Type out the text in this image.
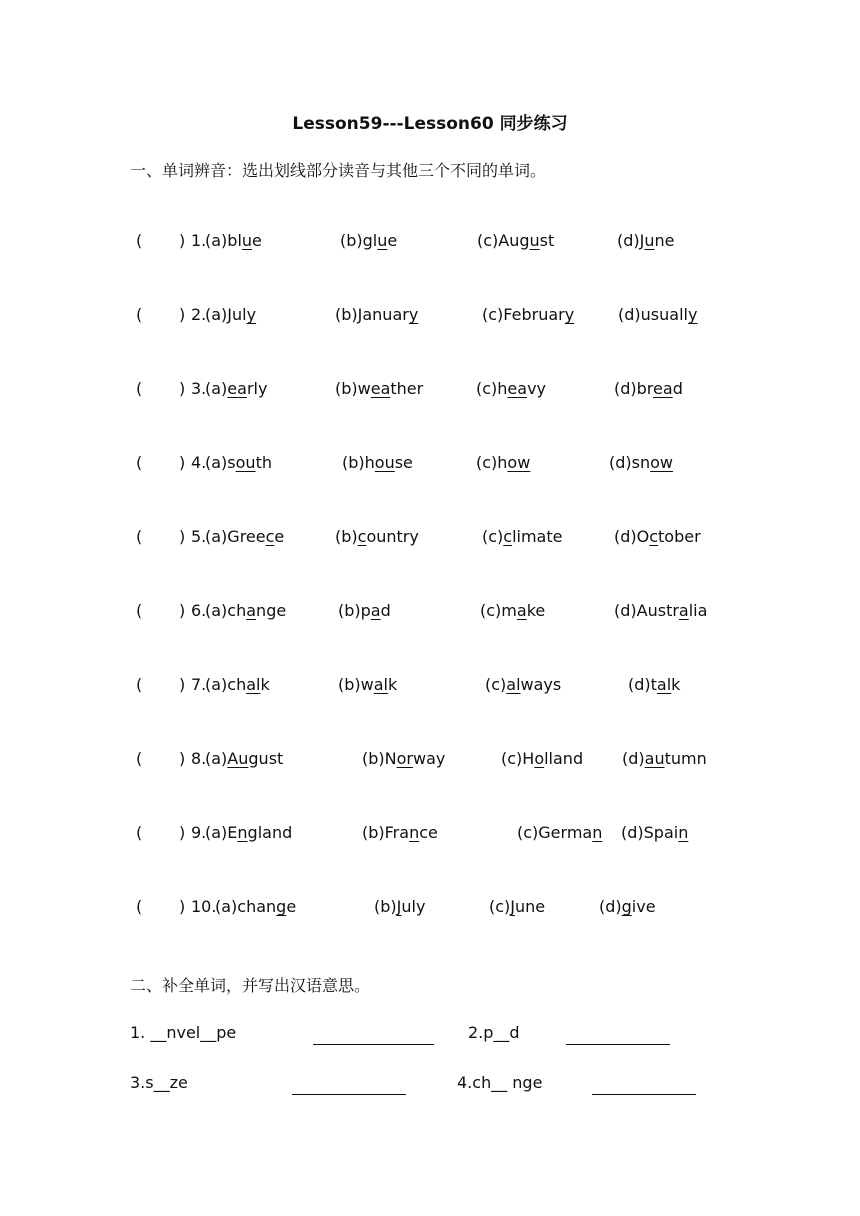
Lesson59---Lesson60 同步练习
一、单词辨音：选出划线部分读音与其他三个不同的单词。
( ) 1.
(a)blue	(b)glue	(c)August	(d)June
( ) 2.
(a)July	(b)January	(c)February	(d)usually
( ) 3.
(a)early	(b)weather	(c)heavy	(d)bread
( ) 4.
(a)south	(b)house	(c)how	(d)snow
( ) 5.
(a)Greece	(b)country	(c)climate	(d)October
( ) 6.
(a)change	(b)pad	(c)make	(d)Australia
( ) 7.
(a)chalk	(b)walk	(c)always	(d)talk
( ) 8.
(a)August	(b)Norway	(c)Holland (d)autumn
( ) 9.
(a)England	(b)France	(c)German (d)Spain
( ) 10.
(a)change	(b)July	(c)June	(d)give
二、补全单词，并写出汉语意思。
1. __nvel__pe	2.p__d
3.s__ze	4.ch__ nge
